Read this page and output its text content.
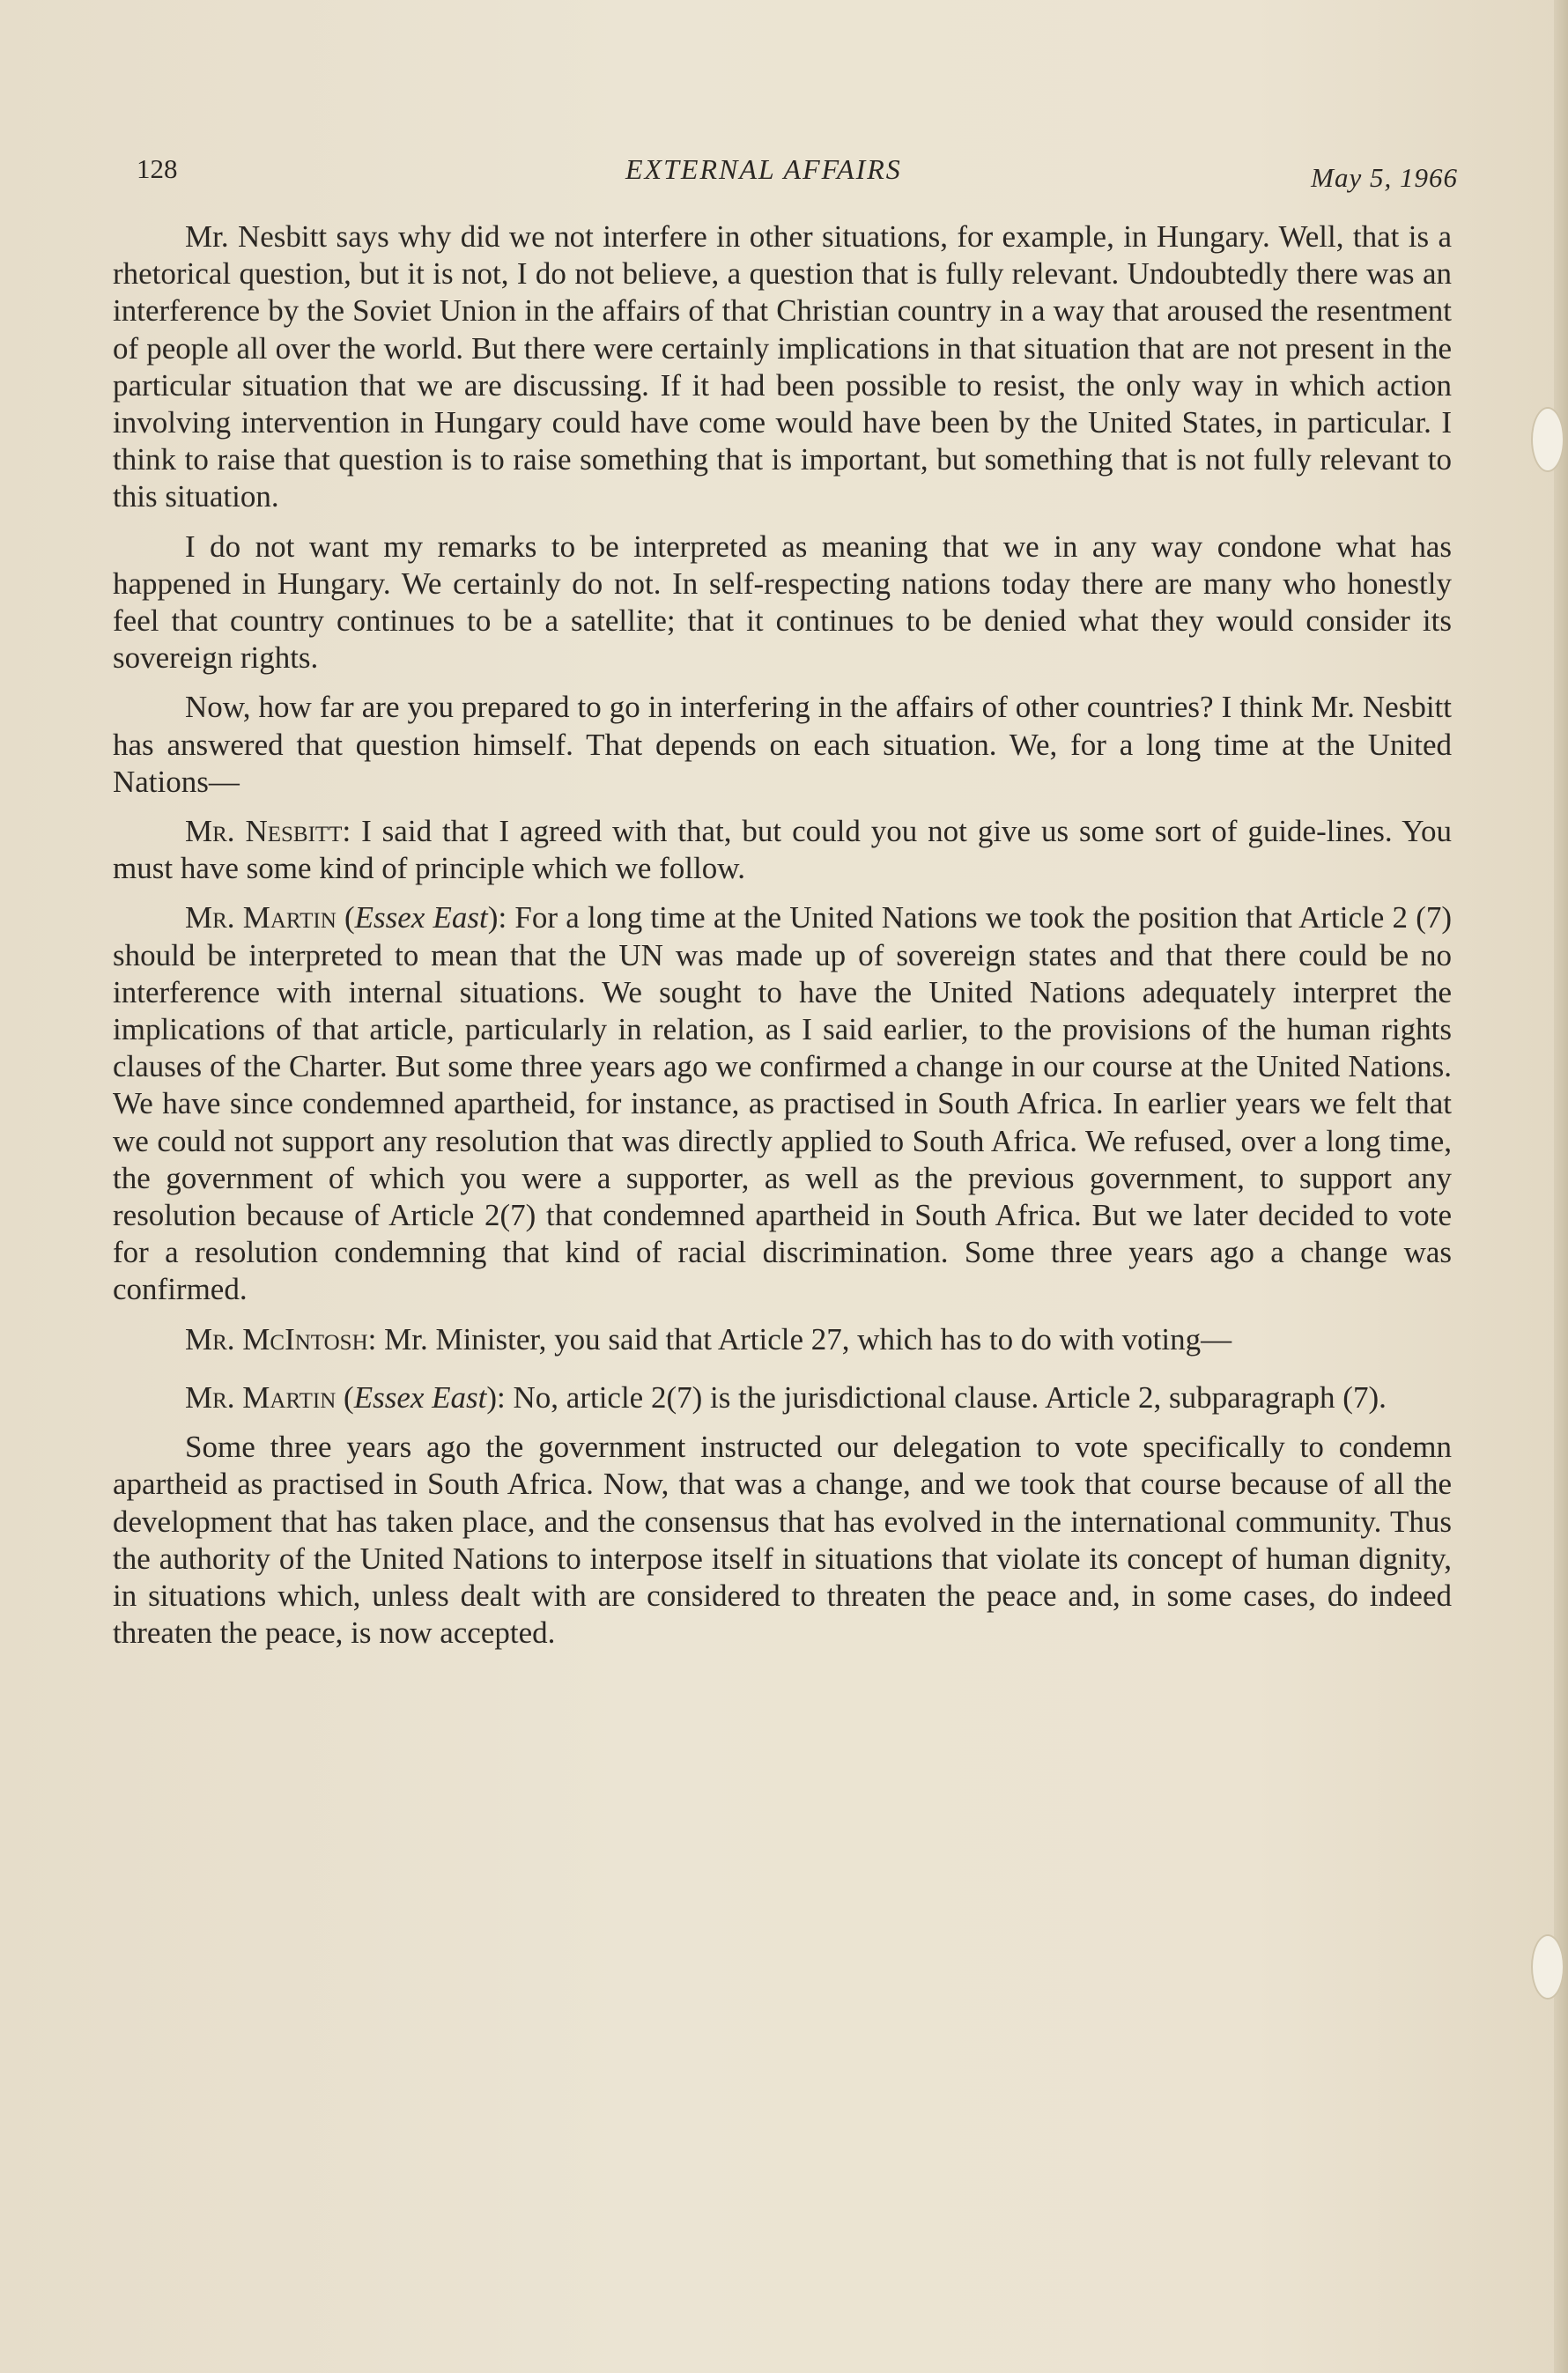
128	EXTERNAL AFFAIRS	May 5, 1966

Mr. Nesbitt says why did we not interfere in other situations, for example, in Hungary. Well, that is a rhetorical question, but it is not, I do not believe, a question that is fully relevant. Undoubtedly there was an interference by the Soviet Union in the affairs of that Christian country in a way that aroused the resentment of people all over the world. But there were certainly implications in that situation that are not present in the particular situation that we are discussing. If it had been possible to resist, the only way in which action involving intervention in Hungary could have come would have been by the United States, in particular. I think to raise that question is to raise something that is important, but something that is not fully relevant to this situation.

I do not want my remarks to be interpreted as meaning that we in any way condone what has happened in Hungary. We certainly do not. In self-respecting nations today there are many who honestly feel that country continues to be a satellite; that it continues to be denied what they would consider its sovereign rights.

Now, how far are you prepared to go in interfering in the affairs of other countries? I think Mr. Nesbitt has answered that question himself. That depends on each situation. We, for a long time at the United Nations—

Mr. Nesbitt: I said that I agreed with that, but could you not give us some sort of guide-lines. You must have some kind of principle which we follow.

Mr. Martin (Essex East): For a long time at the United Nations we took the position that Article 2 (7) should be interpreted to mean that the UN was made up of sovereign states and that there could be no interference with internal situations. We sought to have the United Nations adequately interpret the implications of that article, particularly in relation, as I said earlier, to the provisions of the human rights clauses of the Charter. But some three years ago we confirmed a change in our course at the United Nations. We have since condemned apartheid, for instance, as practised in South Africa. In earlier years we felt that we could not support any resolution that was directly applied to South Africa. We refused, over a long time, the government of which you were a supporter, as well as the previous government, to support any resolution because of Article 2(7) that condemned apartheid in South Africa. But we later decided to vote for a resolution condemning that kind of racial discrimination. Some three years ago a change was confirmed.

Mr. McIntosh: Mr. Minister, you said that Article 27, which has to do with voting—

Mr. Martin (Essex East): No, article 2(7) is the jurisdictional clause. Article 2, subparagraph (7).

Some three years ago the government instructed our delegation to vote specifically to condemn apartheid as practised in South Africa. Now, that was a change, and we took that course because of all the development that has taken place, and the consensus that has evolved in the international community. Thus the authority of the United Nations to interpose itself in situations that violate its concept of human dignity, in situations which, unless dealt with are considered to threaten the peace and, in some cases, do indeed threaten the peace, is now accepted.
